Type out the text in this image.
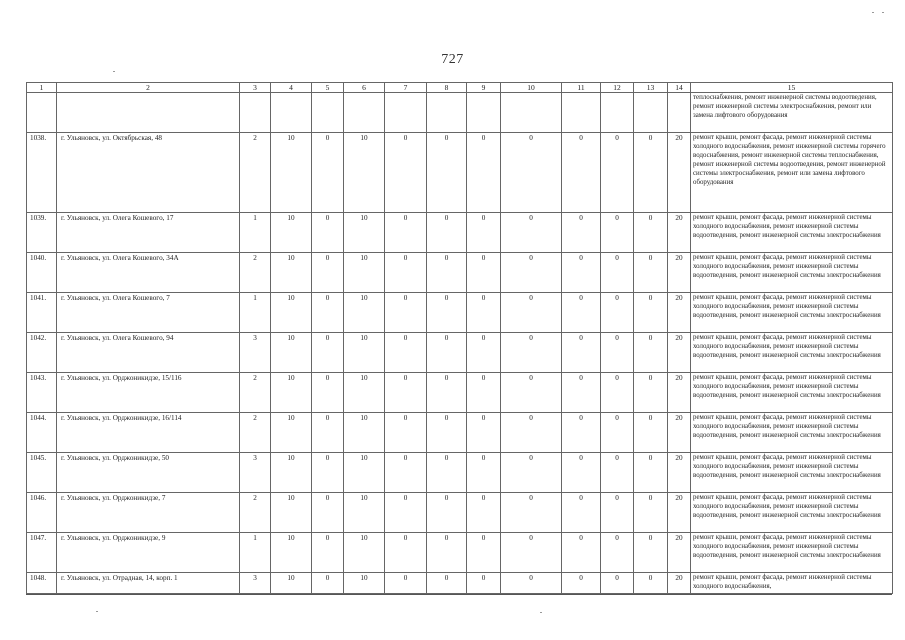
727
1	2	3	4	5	6	7	8	9	10	11	12	13	14	15
														теплоснабжения, ремонт инженерной системы водоотведения, ремонт инженерной системы электроснабжения, ремонт или замена лифтового оборудования
1038.	г. Ульяновск, ул. Октябрьская, 48	2	10	0	10	0	0	0	0	0	0	0	20	ремонт крыши, ремонт фасада, ремонт инженерной системы холодного водоснабжения, ремонт инженерной системы горячего водоснабжения, ремонт инженерной системы теплоснабжения, ремонт инженерной системы водоотведения, ремонт инженерной системы электроснабжения, ремонт или замена лифтового оборудования
1039.	г. Ульяновск, ул. Олега Кошевого, 17	1	10	0	10	0	0	0	0	0	0	0	20	ремонт крыши, ремонт фасада, ремонт инженерной системы холодного водоснабжения, ремонт инженерной системы водоотведения, ремонт инженерной системы электроснабжения
1040.	г. Ульяновск, ул. Олега Кошевого, 34А	2	10	0	10	0	0	0	0	0	0	0	20	ремонт крыши, ремонт фасада, ремонт инженерной системы холодного водоснабжения, ремонт инженерной системы водоотведения, ремонт инженерной системы электроснабжения
1041.	г. Ульяновск, ул. Олега Кошевого, 7	1	10	0	10	0	0	0	0	0	0	0	20	ремонт крыши, ремонт фасада, ремонт инженерной системы холодного водоснабжения, ремонт инженерной системы водоотведения, ремонт инженерной системы электроснабжения
1042.	г. Ульяновск, ул. Олега Кошевого, 94	3	10	0	10	0	0	0	0	0	0	0	20	ремонт крыши, ремонт фасада, ремонт инженерной системы холодного водоснабжения, ремонт инженерной системы водоотведения, ремонт инженерной системы электроснабжения
1043.	г. Ульяновск, ул. Орджоникидзе, 15/116	2	10	0	10	0	0	0	0	0	0	0	20	ремонт крыши, ремонт фасада, ремонт инженерной системы холодного водоснабжения, ремонт инженерной системы водоотведения, ремонт инженерной системы электроснабжения
1044.	г. Ульяновск, ул. Орджоникидзе, 16/114	2	10	0	10	0	0	0	0	0	0	0	20	ремонт крыши, ремонт фасада, ремонт инженерной системы холодного водоснабжения, ремонт инженерной системы водоотведения, ремонт инженерной системы электроснабжения
1045.	г. Ульяновск, ул. Орджоникидзе, 50	3	10	0	10	0	0	0	0	0	0	0	20	ремонт крыши, ремонт фасада, ремонт инженерной системы холодного водоснабжения, ремонт инженерной системы водоотведения, ремонт инженерной системы электроснабжения
1046.	г. Ульяновск, ул. Орджоникидзе, 7	2	10	0	10	0	0	0	0	0	0	0	20	ремонт крыши, ремонт фасада, ремонт инженерной системы холодного водоснабжения, ремонт инженерной системы водоотведения, ремонт инженерной системы электроснабжения
1047.	г. Ульяновск, ул. Орджоникидзе, 9	1	10	0	10	0	0	0	0	0	0	0	20	ремонт крыши, ремонт фасада, ремонт инженерной системы холодного водоснабжения, ремонт инженерной системы водоотведения, ремонт инженерной системы электроснабжения
1048.	г. Ульяновск, ул. Отрадная, 14, корп. 1	3	10	0	10	0	0	0	0	0	0	0	20	ремонт крыши, ремонт фасада, ремонт инженерной системы холодного водоснабжения,
